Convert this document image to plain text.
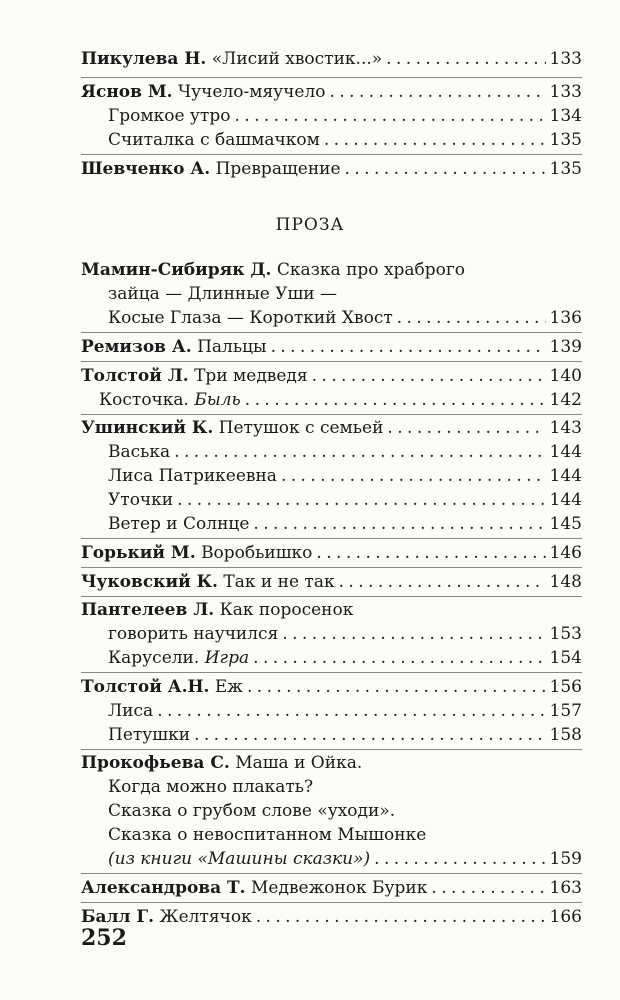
Пикулева Н. «Лисий хвостик...» . . .	133
Яснов М. Чучело-мяучело . . .	133
Громкое утро . . .	134
Считалка с башмачком . . .	135
Шевченко А. Превращение . . .	135
ПРОЗА
Мамин-Сибиряк Д. Сказка про храброго
зайца — Длинные Уши —
Косые Глаза — Короткий Хвост . . .	136
Ремизов А. Пальцы . . .	139
Толстой Л. Три медведя . . .	140
Косточка. Быль . . .	142
Ушинский К. Петушок с семьей . . .	143
Васька . . .	144
Лиса Патрикеевна . . .	144
Уточки . . .	144
Ветер и Солнце . . .	145
Горький М. Воробьишко . . .	146
Чуковский К. Так и не так . . .	148
Пантелеев Л. Как поросенок
говорить научился . . .	153
Карусели. Игра . . .	154
Толстой А.Н. Еж . . .	156
Лиса . . .	157
Петушки . . .	158
Прокофьева С. Маша и Ойка.
Когда можно плакать?
Сказка о грубом слове «уходи».
Сказка о невоспитанном Мышонке
(из книги «Машины сказки») . . .	159
Александрова Т. Медвежонок Бурик . . .	163
Балл Г. Желтячок . . .	166
252
